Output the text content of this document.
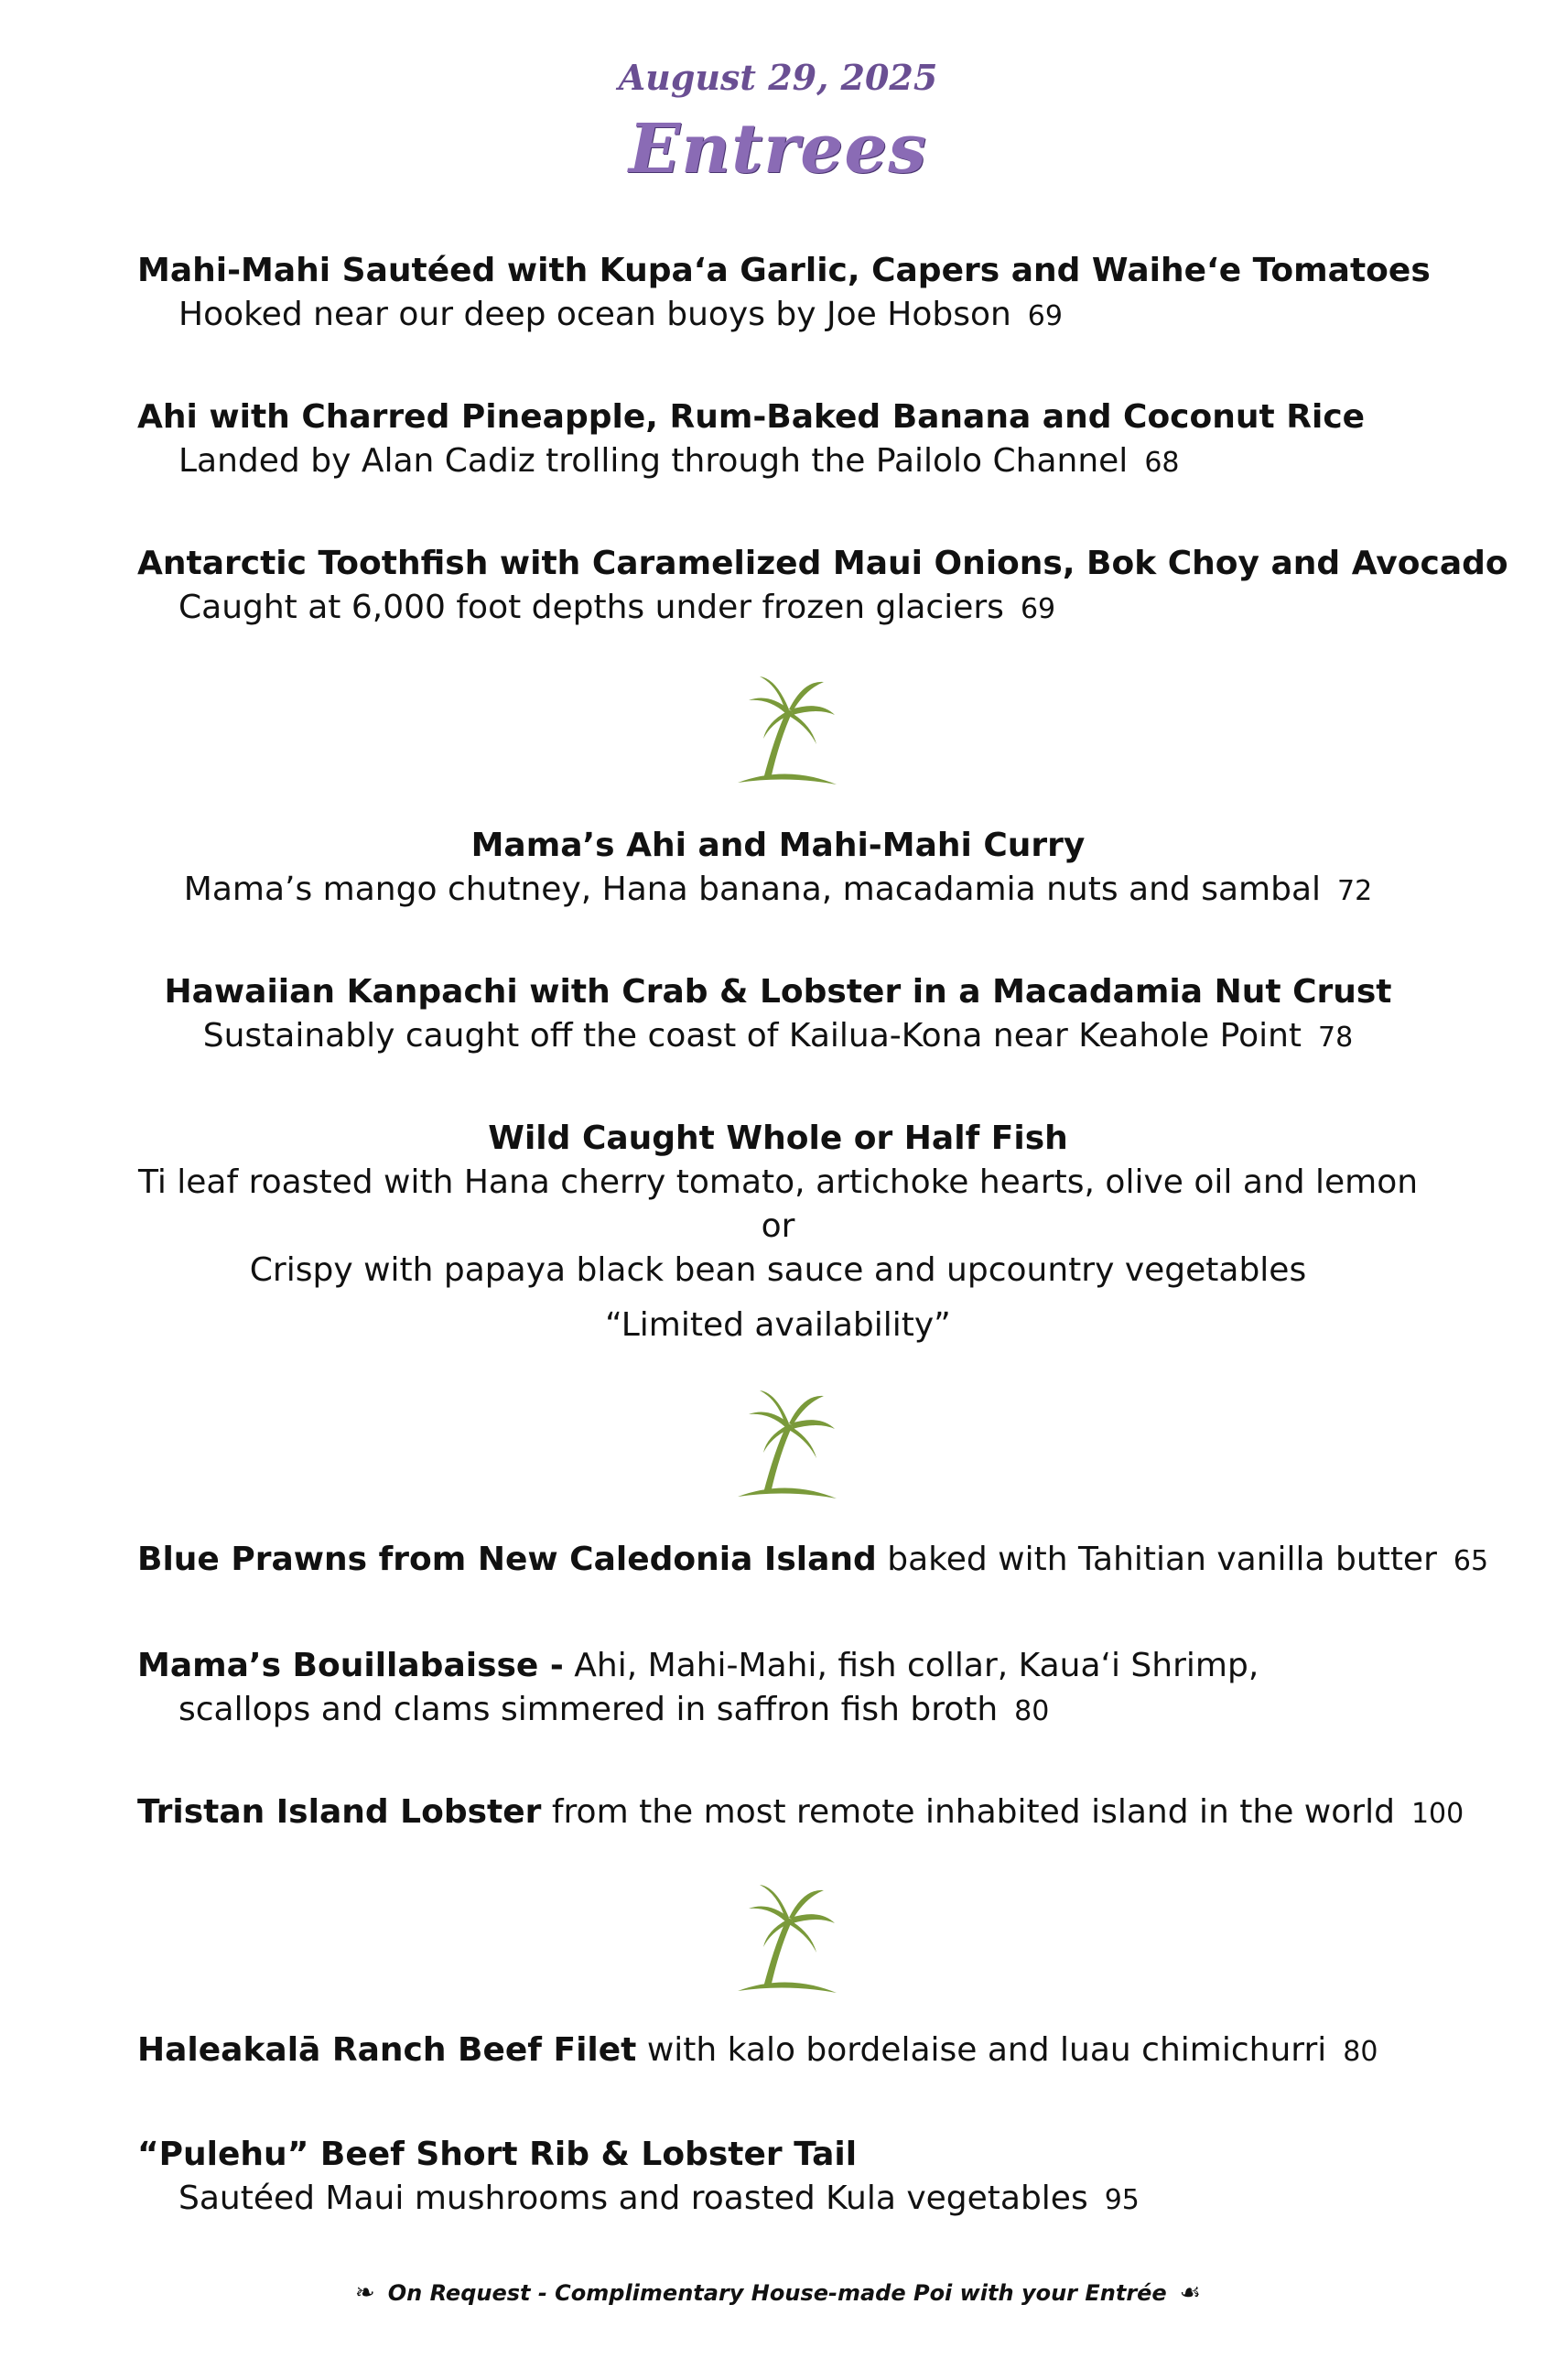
August 29, 2025
Entrees
Mahi-Mahi Sautéed with Kupa‘a Garlic, Capers and Waihe‘e Tomatoes
Hooked near our deep ocean buoys by Joe Hobson 69
Ahi with Charred Pineapple, Rum-Baked Banana and Coconut Rice
Landed by Alan Cadiz trolling through the Pailolo Channel 68
Antarctic Toothfish with Caramelized Maui Onions, Bok Choy and Avocado
Caught at 6,000 foot depths under frozen glaciers 69
Mama’s Ahi and Mahi-Mahi Curry
Mama’s mango chutney, Hana banana, macadamia nuts and sambal 72
Hawaiian Kanpachi with Crab & Lobster in a Macadamia Nut Crust
Sustainably caught off the coast of Kailua-Kona near Keahole Point 78
Wild Caught Whole or Half Fish
Ti leaf roasted with Hana cherry tomato, artichoke hearts, olive oil and lemon
or
Crispy with papaya black bean sauce and upcountry vegetables
“Limited availability”
Blue Prawns from New Caledonia Island baked with Tahitian vanilla butter 65
Mama’s Bouillabaisse - Ahi, Mahi-Mahi, fish collar, Kaua‘i Shrimp,
scallops and clams simmered in saffron fish broth 80
Tristan Island Lobster from the most remote inhabited island in the world 100
Haleakalā Ranch Beef Filet with kalo bordelaise and luau chimichurri 80
“Pulehu” Beef Short Rib & Lobster Tail
Sautéed Maui mushrooms and roasted Kula vegetables 95
❧ On Request - Complimentary House-made Poi with your Entrée ☙
